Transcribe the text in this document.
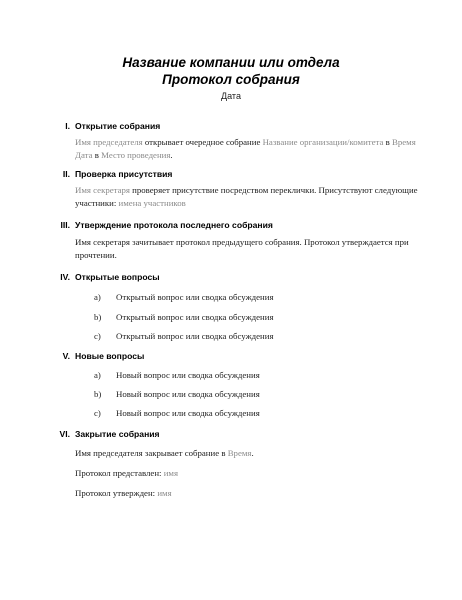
Название компании или отдела
Протокол собрания
Дата
I. Открытие собрания
Имя председателя открывает очередное собрание Название организации/комитета в Время Дата в Место проведения.
II. Проверка присутствия
Имя секретаря проверяет присутствие посредством переклички. Присутствуют следующие участники: имена участников
III. Утверждение протокола последнего собрания
Имя секретаря зачитывает протокол предыдущего собрания. Протокол утверждается при прочтении.
IV. Открытые вопросы
a) Открытый вопрос или сводка обсуждения
b) Открытый вопрос или сводка обсуждения
c) Открытый вопрос или сводка обсуждения
V. Новые вопросы
a) Новый вопрос или сводка обсуждения
b) Новый вопрос или сводка обсуждения
c) Новый вопрос или сводка обсуждения
VI. Закрытие собрания
Имя председателя закрывает собрание в Время.
Протокол представлен: имя
Протокол утвержден: имя
